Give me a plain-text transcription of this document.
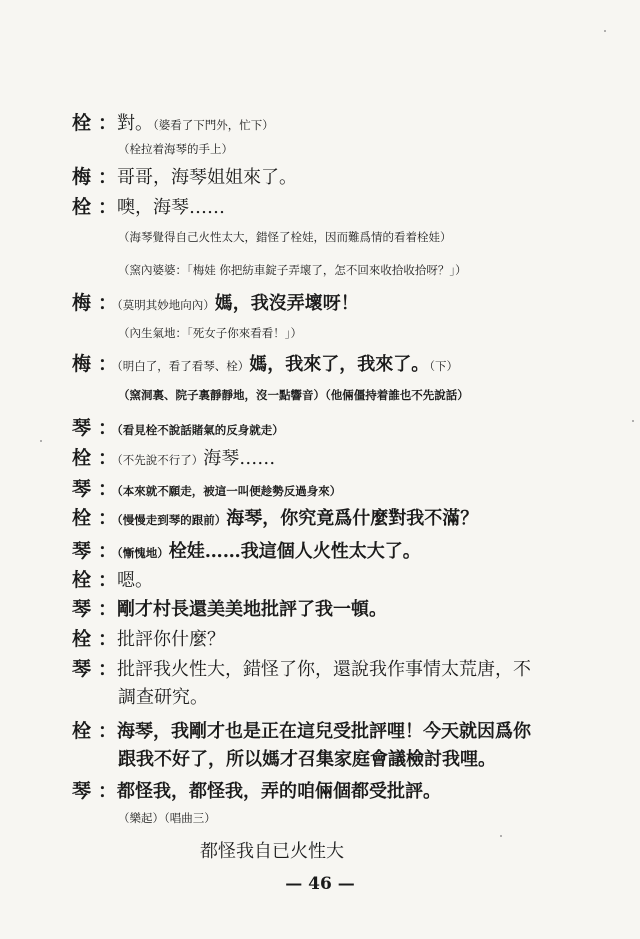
栓 ：對。（婆看了下門外，忙下）
（栓拉着海琴的手上）
梅 ：哥哥，海琴姐姐來了。
栓 ：噢，海琴……
（海琴覺得自己火性太大，錯怪了栓娃，因而難爲情的看着栓娃）
（窯內婆婆：「梅娃 你把紡車錠子弄壞了，怎不回來收拾收拾呀？」）
梅 ：（莫明其妙地向內）媽，我沒弄壞呀！
（內生氣地：「死女子你來看看！」）
梅 ：（明白了，看了看琴、栓）媽，我來了，我來了。（下）
（窯洞裏、院子裏靜靜地，沒一點響音）（他倆僵持着誰也不先說話）
琴 ：（看見栓不說話賭氣的反身就走）
栓 ：（不先說不行了）海琴……
琴 ：（本來就不願走，被這一叫便趁勢反過身來）
栓 ：（慢慢走到琴的跟前）海琴，你究竟爲什麼對我不滿？
琴 ：（慚愧地）栓娃……我這個人火性太大了。
栓 ：嗯。
琴 ：剛才村長還美美地批評了我一頓。
栓 ：批評你什麼？
琴 ：批評我火性大，錯怪了你，還說我作事情太荒唐，不
調查研究。
栓 ：海琴，我剛才也是正在這兒受批評哩！今天就因爲你
跟我不好了，所以媽才召集家庭會議檢討我哩。
琴 ：都怪我，都怪我，弄的咱倆個都受批評。
（樂起）（唱曲三）
都怪我自已火性大
— 46 —
